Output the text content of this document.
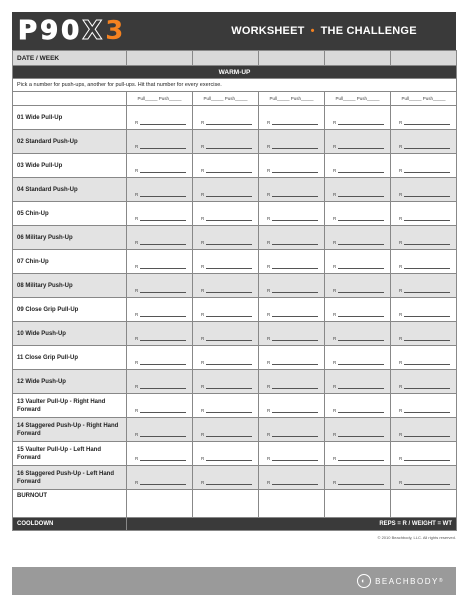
P90X3	WORKSHEET • THE CHALLENGE
DATE / WEEK					
WARM-UP					
Pick a number for push-ups, another for pull-ups. Hit that number for every exercise.					
	Pull_____ Push_____	Pull_____ Push_____	Pull_____ Push_____	Pull_____ Push_____	Pull_____ Push_____
01 Wide Pull-Up	R	R	R	R	R

02 Standard Push-Up	R	R	R	R	R

03 Wide Pull-Up	R	R	R	R	R

04 Standard Push-Up	R	R	R	R	R

05 Chin-Up	R	R	R	R	R

06 Military Push-Up	R	R	R	R	R

07 Chin-Up	R	R	R	R	R

08 Military Push-Up	R	R	R	R	R

09 Close Grip Pull-Up	R	R	R	R	R

10 Wide Push-Up	R	R	R	R	R

11 Close Grip Pull-Up	R	R	R	R	R

12 Wide Push-Up	R	R	R	R	R

13 Vaulter Pull-Up - Right Hand Forward	R	R	R	R	R

14 Staggered Push-Up - Right Hand Forward	R	R	R	R	R

15 Vaulter Pull-Up - Left Hand Forward	R	R	R	R	R

16 Staggered Push-Up - Left Hand Forward	R	R	R	R	R

BURNOUT					
COOLDOWN	REPS = R / WEIGHT = WT				
© 2010 Beachbody, LLC. All rights reserved.
◐	BEACHBODY ®
